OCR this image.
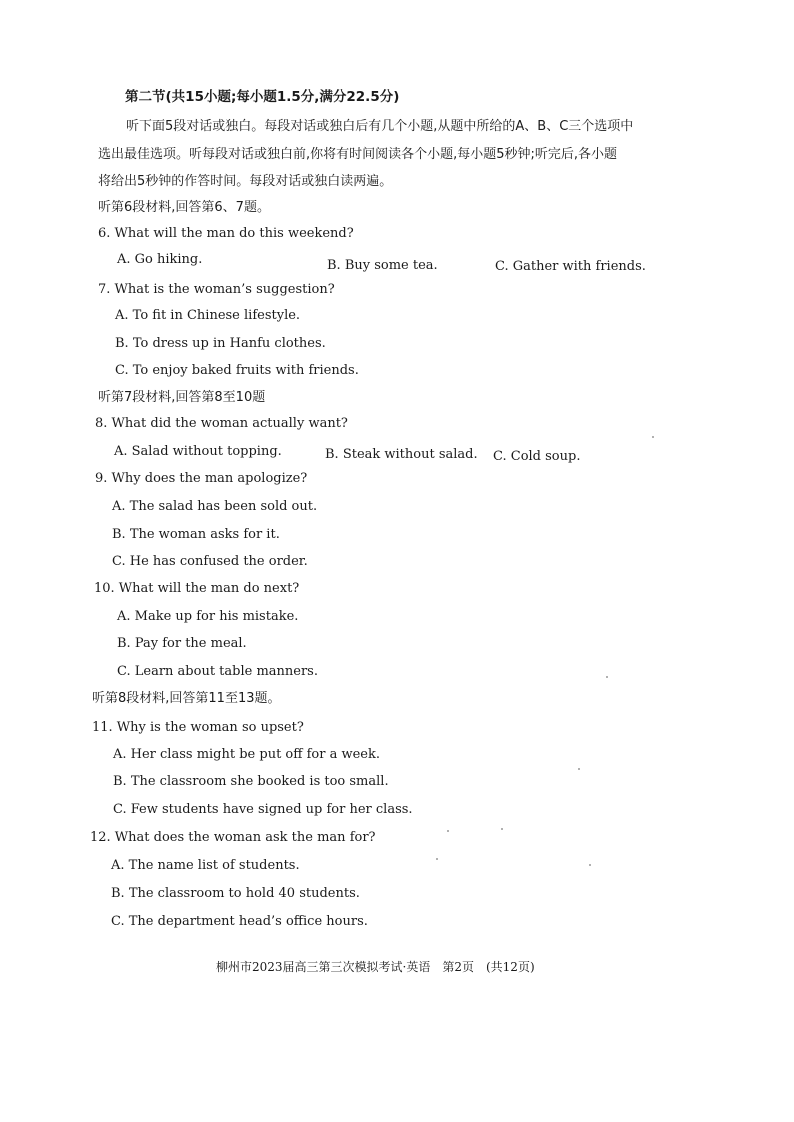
第二节(共15小题;每小题1.5分,满分22.5分)
听下面5段对话或独白。每段对话或独白后有几个小题,从题中所给的A、B、C三个选项中
选出最佳选项。听每段对话或独白前,你将有时间阅读各个小题,每小题5秒钟;听完后,各小题
将给出5秒钟的作答时间。每段对话或独白读两遍。
听第6段材料,回答第6、7题。
6. What will the man do this weekend?
A. Go hiking.	B. Buy some tea.	C. Gather with friends.
7. What is the woman’s suggestion?
A. To fit in Chinese lifestyle.
B. To dress up in Hanfu clothes.
C. To enjoy baked fruits with friends.
听第7段材料,回答第8至10题
8. What did the woman actually want?
A. Salad without topping.	B. Steak without salad. C. Cold soup.
9. Why does the man apologize?
A. The salad has been sold out.
B. The woman asks for it.
C. He has confused the order.
10. What will the man do next?
A. Make up for his mistake.
B. Pay for the meal.
C. Learn about table manners.
听第8段材料,回答第11至13题。
11. Why is the woman so upset?
A. Her class might be put off for a week.
B. The classroom she booked is too small.
C. Few students have signed up for her class.
12. What does the woman ask the man for?
A. The name list of students.
B. The classroom to hold 40 students.
C. The department head’s office hours.
柳州市2023届高三第三次模拟考试·英语　第2页　(共12页)
